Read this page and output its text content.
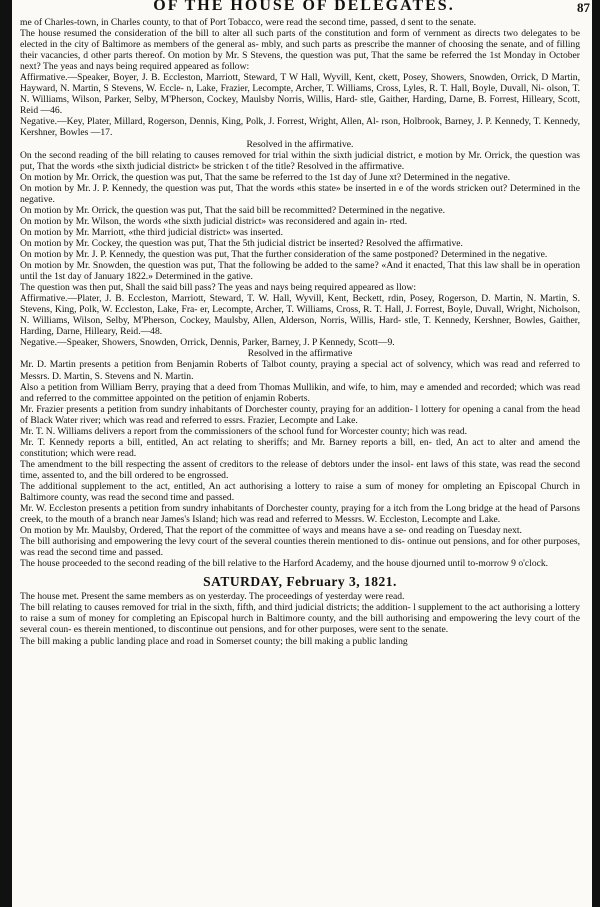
OF THE HOUSE OF DELEGATES.	87

me of Charles-town, in Charles county, to that of Port Tobacco, were read the second time, passed, d sent to the senate.

The house resumed the consideration of the bill to alter all such parts of the constitution and form of vernment as directs two delegates to be elected in the city of Baltimore as members of the general as- mbly, and such parts as prescribe the manner of choosing the senate, and of filling their vacancies, d other parts thereof. On motion by Mr. S Stevens, the question was put, That the same be referred the 1st Monday in October next? The yeas and nays being required appeared as follow:

Affirmative.—Speaker, Boyer, J. B. Eccleston, Marriott, Steward, T W Hall, Wyvill, Kent, ckett, Posey, Showers, Snowden, Orrick, D Martin, Hayward, N. Martin, S Stevens, W. Eccle- n, Lake, Frazier, Lecompte, Archer, T. Williams, Cross, Lyles, R. T. Hall, Boyle, Duvall, Ni- olson, T. N. Williams, Wilson, Parker, Selby, M'Pherson, Cockey, Maulsby Norris, Willis, Hard- stle, Gaither, Harding, Darne, B. Forrest, Hilleary, Scott, Reid —46.

Negative.—Key, Plater, Millard, Rogerson, Dennis, King, Polk, J. Forrest, Wright, Allen, Al- rson, Holbrook, Barney, J. P. Kennedy, T. Kennedy, Kershner, Bowles —17.

Resolved in the affirmative.

On the second reading of the bill relating to causes removed for trial within the sixth judicial district, e motion by Mr. Orrick, the question was put, That the words «the sixth judicial district» be stricken t of the title? Resolved in the affirmative.

On motion by Mr. Orrick, the question was put, That the same be referred to the 1st day of June xt? Determined in the negative.

On motion by Mr. J. P. Kennedy, the question was put, That the words «this state» be inserted in e of the words stricken out? Determined in the negative.

On motion by Mr. Orrick, the question was put, That the said bill be recommitted? Determined in the negative.

On motion by Mr. Wilson, the words «the sixth judicial district» was reconsidered and again in- rted.

On motion by Mr. Marriott, «the third judicial district» was inserted.

On motion by Mr. Cockey, the question was put, That the 5th judicial district be inserted? Resolved the affirmative.

On motion by Mr. J. P. Kennedy, the question was put, That the further consideration of the same postponed? Determined in the negative.

On motion by Mr. Snowden, the question was put, That the following be added to the same? «And it enacted, That this law shall be in operation until the 1st day of January 1822.» Determined in the gative.

The question was then put, Shall the said bill pass? The yeas and nays being required appeared as llow:

Affirmative.—Plater, J. B. Eccleston, Marriott, Steward, T. W. Hall, Wyvill, Kent, Beckett, rdin, Posey, Rogerson, D. Martin, N. Martin, S. Stevens, King, Polk, W. Eccleston, Lake, Fra- er, Lecompte, Archer, T. Williams, Cross, R. T. Hall, J. Forrest, Boyle, Duvall, Wright, Nicholson, N. Williams, Wilson, Selby, M'Pherson, Cockey, Maulsby, Allen, Alderson, Norris, Willis, Hard- stle, T. Kennedy, Kershner, Bowles, Gaither, Harding, Darne, Hilleary, Reid.—48.

Negative.—Speaker, Showers, Snowden, Orrick, Dennis, Parker, Barney, J. P Kennedy, Scott—9.

Resolved in the affirmative

Mr. D. Martin presents a petition from Benjamin Roberts of Talbot county, praying a special act of solvency, which was read and referred to Messrs. D. Martin, S. Stevens and N. Martin.

Also a petition from William Berry, praying that a deed from Thomas Mullikin, and wife, to him, may e amended and recorded; which was read and referred to the committee appointed on the petition of enjamin Roberts.

Mr. Frazier presents a petition from sundry inhabitants of Dorchester county, praying for an addition- l lottery for opening a canal from the head of Black Water river; which was read and referred to essrs. Frazier, Lecompte and Lake.

Mr. T. N. Williams delivers a report from the commissioners of the school fund for Worcester county; hich was read.

Mr. T. Kennedy reports a bill, entitled, An act relating to sheriffs; and Mr. Barney reports a bill, en- tled, An act to alter and amend the constitution; which were read.

The amendment to the bill respecting the assent of creditors to the release of debtors under the insol- ent laws of this state, was read the second time, assented to, and the bill ordered to be engrossed.

The additional supplement to the act, entitled, An act authorising a lottery to raise a sum of money for ompleting an Episcopal Church in Baltimore county, was read the second time and passed.

Mr. W. Eccleston presents a petition from sundry inhabitants of Dorchester county, praying for a itch from the Long bridge at the head of Parsons creek, to the mouth of a branch near James's Island; hich was read and referred to Messrs. W. Eccleston, Lecompte and Lake.

On motion by Mr. Maulsby, Ordered, That the report of the committee of ways and means have a se- ond reading on Tuesday next.

The bill authorising and empowering the levy court of the several counties therein mentioned to dis- ontinue out pensions, and for other purposes, was read the second time and passed.

The house proceeded to the second reading of the bill relative to the Harford Academy, and the house djourned until to-morrow 9 o'clock.

SATURDAY, February 3, 1821.

The house met. Present the same members as on yesterday. The proceedings of yesterday were read.

The bill relating to causes removed for trial in the sixth, fifth, and third judicial districts; the addition- l supplement to the act authorising a lottery to raise a sum of money for completing an Episcopal hurch in Baltimore county, and the bill authorising and empowering the levy court of the several coun- es therein mentioned, to discontinue out pensions, and for other purposes, were sent to the senate.

The bill making a public landing place and road in Somerset county; the bill making a public landing
